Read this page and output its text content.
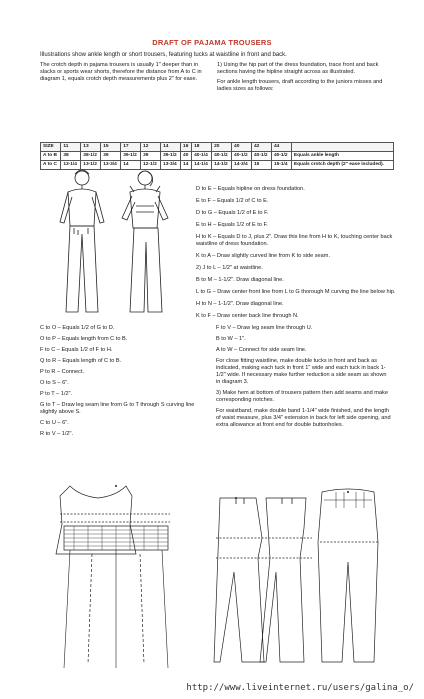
DRAFT OF PAJAMA TROUSERS
Illustrations show ankle length or short trousers, featuring tucks at waistline in front and back.

The crotch depth in pajama trousers is usually 1" deeper than in slacks or sports wear shorts, therefore the distance from A to C in diagram 1, equals crotch depth measurements plus 2" for ease.

1) Using the hip part of the dress foundation, trace front and back sections having the hipline straight across as illustrated.

For ankle length trousers, draft according to the juniors misses and ladies sizes as follows:

SIZE	11	13	15	17	12	14	16	18	20	40	42	44	
A to B	38	38-1/2	39	39-1/2	39	39-1/2	40	40-1/4	40-1/2	40-1/2	40-1/2	40-1/2	Equals ankle length
A to C	13-1/4	13-1/2	13-3/4	14	12-1/2	13-3/4	14	14-1/4	14-1/2	14-3/4	15	15-1/4	Equals crotch depth (2" ease included).
D to E – Equals hipline on dress foundation.
E to F – Equals 1/2 of C to E.
D to G – Equals 1/2 of E to F.
E to H – Equals 1/2 of E to F.
H to K – Equals D to J, plus 2". Draw this line from H to K, touching center back waistline of dress foundation.
K to A – Draw slightly curved line from K to side seam.
2) J to L – 1/2" at waistline.
B to M – 1-1/2". Draw diagonal line.
L to G – Draw center front line from L to G thorough M curving the line below hip.
H to N – 1-1/2". Draw diagonal line.
K to F – Draw center back line through N.
C to O – Equals 1/2 of G to D.
O to P – Equals length from C to B.
F to C – Equals 1/2 of F to H.
Q to R – Equals length of C to B.
P to R – Connect.
O to S – 6".
P to T – 1/2".
G to T – Draw leg seam line from G to T through S curving line slightly above S.
C to U – 6".
R to V – 1/2".
F to V – Draw leg seam line through U.
B to W – 1".
A to W – Connect for side seam line.
For close fitting waistline, make double tucks in front and back as indicated, making each tuck in front 1" wide and each tuck in back 1-1/2" wide. If necessary make further reduction a side seam as shown in diagram 3.
3) Make hem at bottom of trousers pattern then add seams and make corresponding notches.
For waistband, make double band 1-1/4" wide finished, and the length of waist measure, plus 3/4" extension in back for left side opening, and extra allowance at front end for double buttonholes.
http://www.liveinternet.ru/users/galina_o/
